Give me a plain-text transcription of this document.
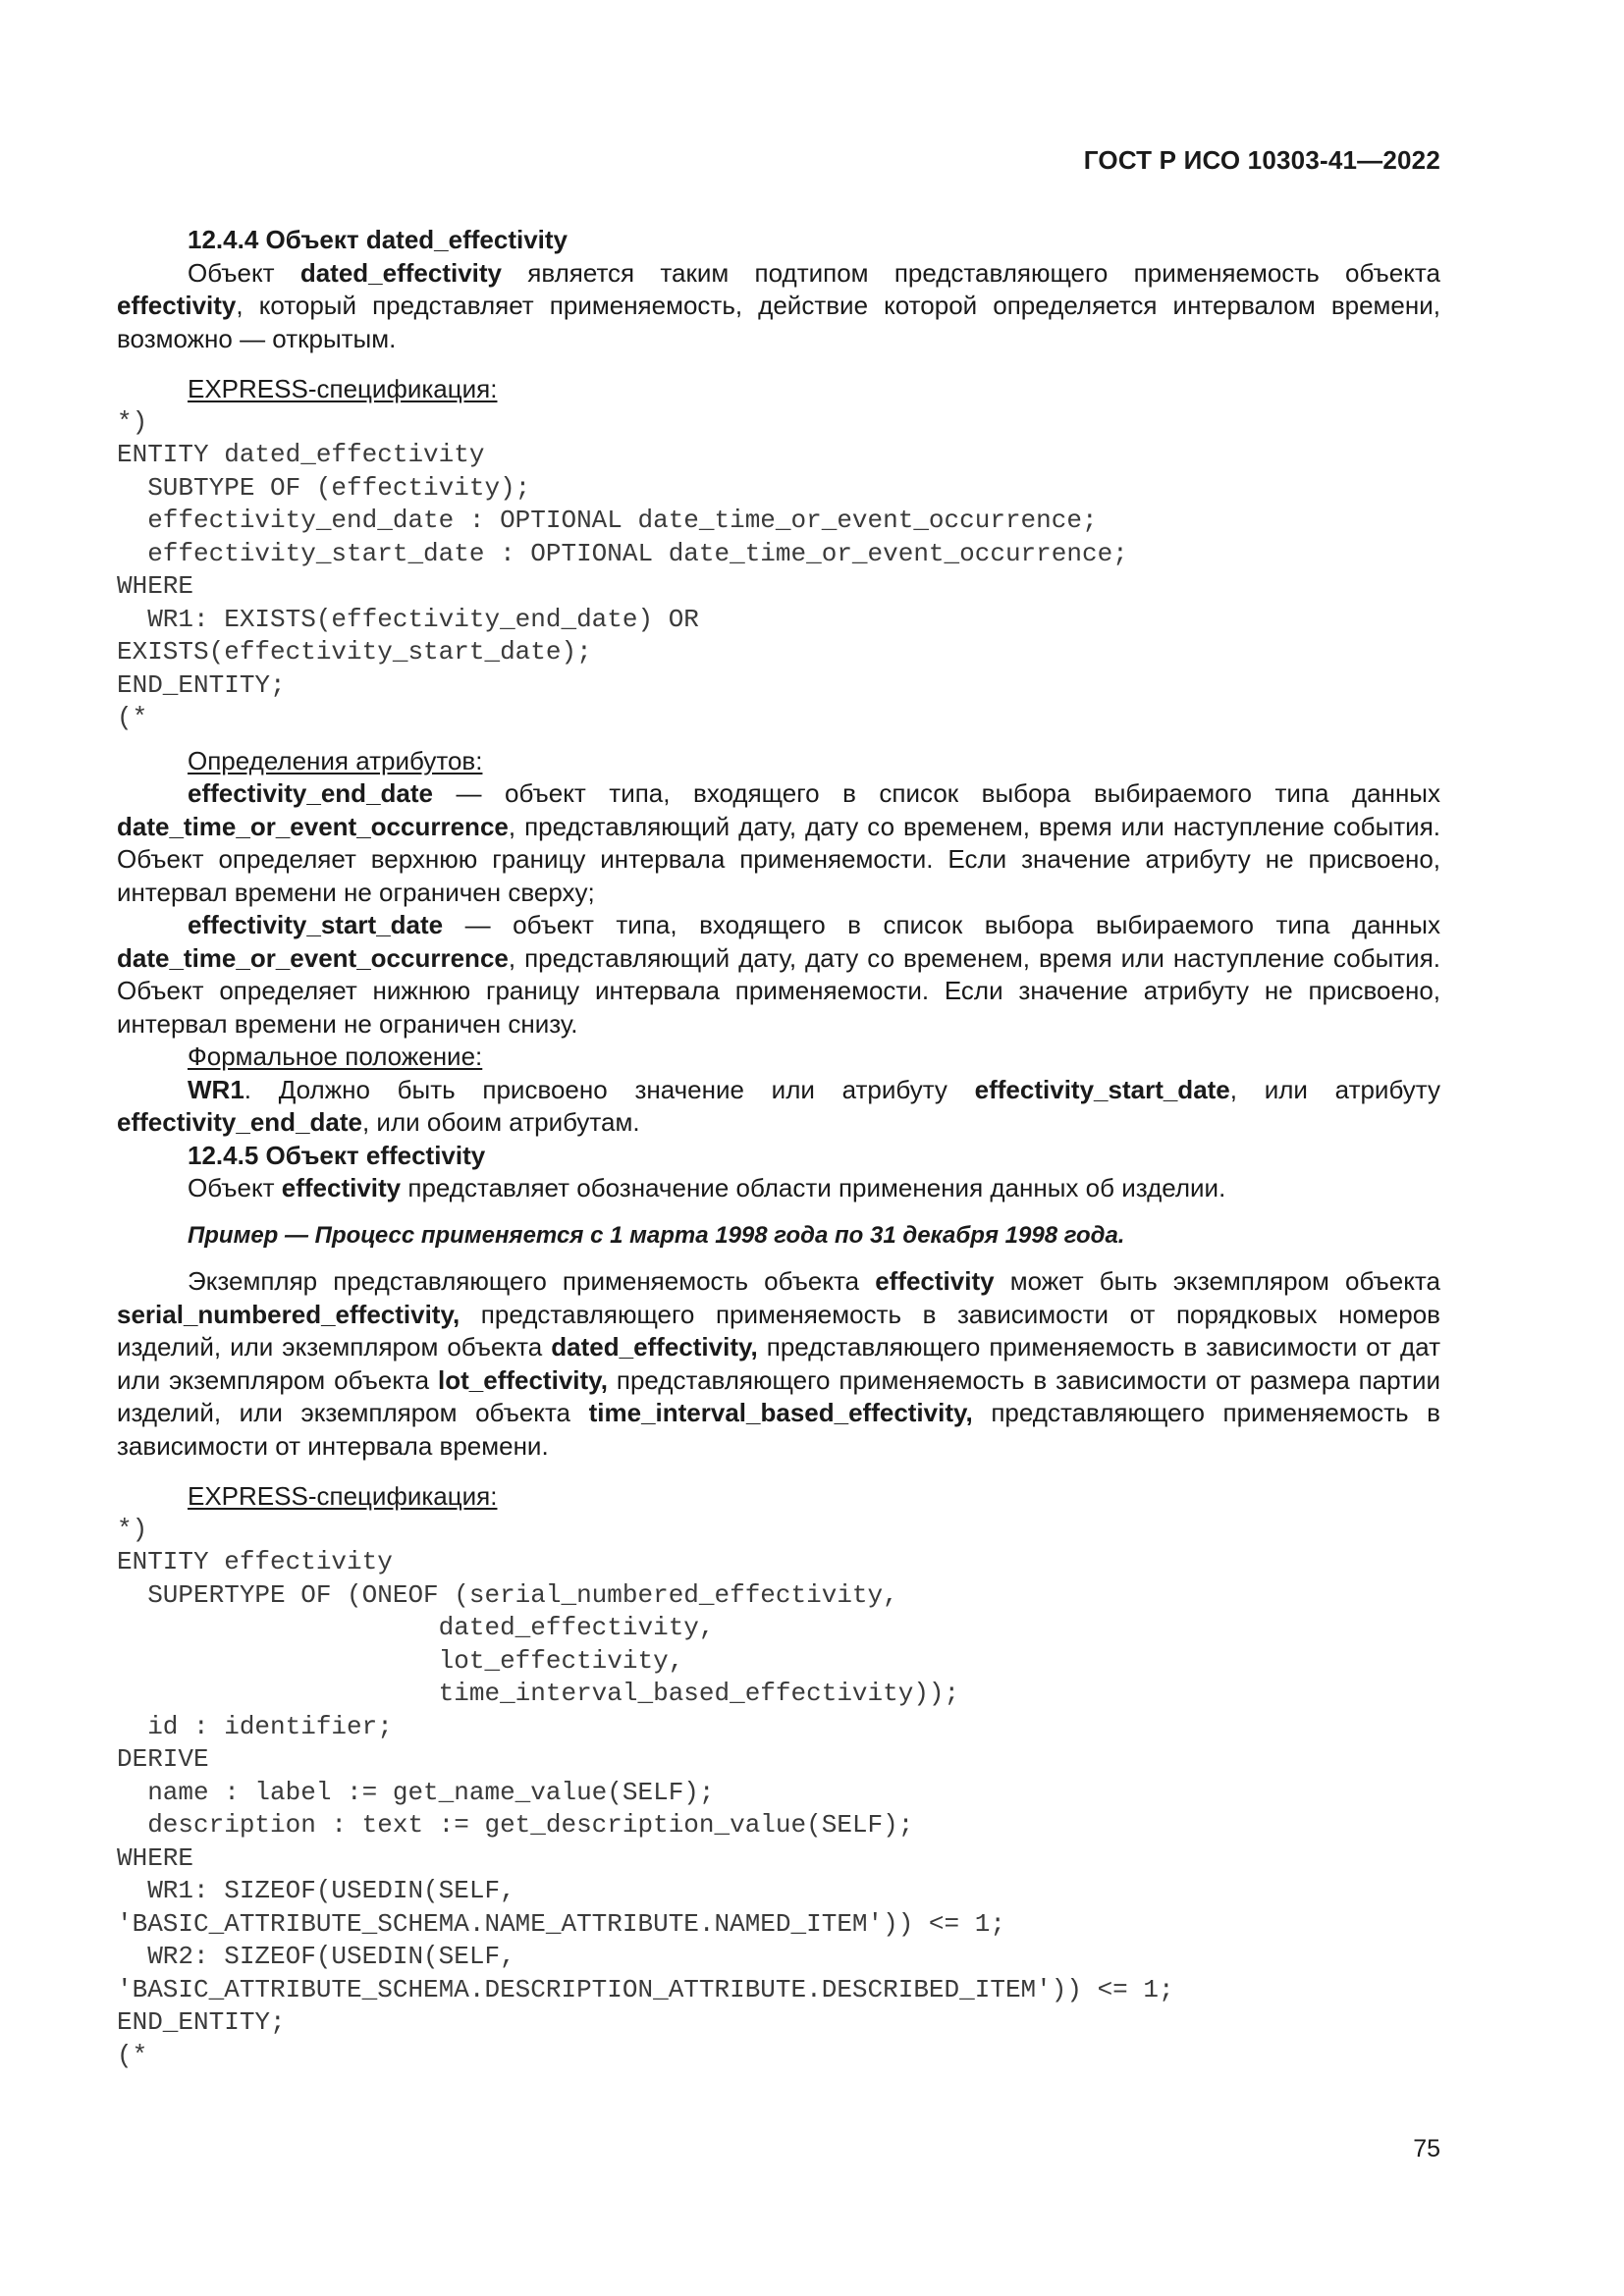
ГОСТ Р ИСО 10303-41—2022
12.4.4 Объект dated_effectivity

Объект dated_effectivity является таким подтипом представляющего применяемость объекта effectivity, который представляет применяемость, действие которой определяется интервалом времени, возможно — открытым.

EXPRESS-спецификация:
*)
ENTITY dated_effectivity
SUBTYPE OF (effectivity);
effectivity_end_date : OPTIONAL date_time_or_event_occurrence;
effectivity_start_date : OPTIONAL date_time_or_event_occurrence;
WHERE
WR1: EXISTS(effectivity_end_date) OR
EXISTS(effectivity_start_date);
END_ENTITY;
(*
Определения атрибутов:

effectivity_end_date — объект типа, входящего в список выбора выбираемого типа данных date_time_or_event_occurrence, представляющий дату, дату со временем, время или наступление события. Объект определяет верхнюю границу интервала применяемости. Если значение атрибуту не присвоено, интервал времени не ограничен сверху;

effectivity_start_date — объект типа, входящего в список выбора выбираемого типа данных date_time_or_event_occurrence, представляющий дату, дату со временем, время или наступление события. Объект определяет нижнюю границу интервала применяемости. Если значение атрибуту не присвоено, интервал времени не ограничен снизу.

Формальное положение:

WR1. Должно быть присвоено значение или атрибуту effectivity_start_date, или атрибуту effectivity_end_date, или обоим атрибутам.

12.4.5 Объект effectivity

Объект effectivity представляет обозначение области применения данных об изделии.

Пример — Процесс применяется с 1 марта 1998 года по 31 декабря 1998 года.

Экземпляр представляющего применяемость объекта effectivity может быть экземпляром объекта serial_numbered_effectivity, представляющего применяемость в зависимости от порядковых номеров изделий, или экземпляром объекта dated_effectivity, представляющего применяемость в зависимости от дат или экземпляром объекта lot_effectivity, представляющего применяемость в зависимости от размера партии изделий, или экземпляром объекта time_interval_based_effectivity, представляющего применяемость в зависимости от интервала времени.

EXPRESS-спецификация:
*)
ENTITY effectivity
SUPERTYPE OF (ONEOF (serial_numbered_effectivity,
dated_effectivity,
lot_effectivity,
time_interval_based_effectivity));
id : identifier;
DERIVE
name : label := get_name_value(SELF);
description : text := get_description_value(SELF);
WHERE
WR1: SIZEOF(USEDIN(SELF,
'BASIC_ATTRIBUTE_SCHEMA.NAME_ATTRIBUTE.NAMED_ITEM')) <= 1;
WR2: SIZEOF(USEDIN(SELF,
'BASIC_ATTRIBUTE_SCHEMA.DESCRIPTION_ATTRIBUTE.DESCRIBED_ITEM')) <= 1;
END_ENTITY;
(*
75
